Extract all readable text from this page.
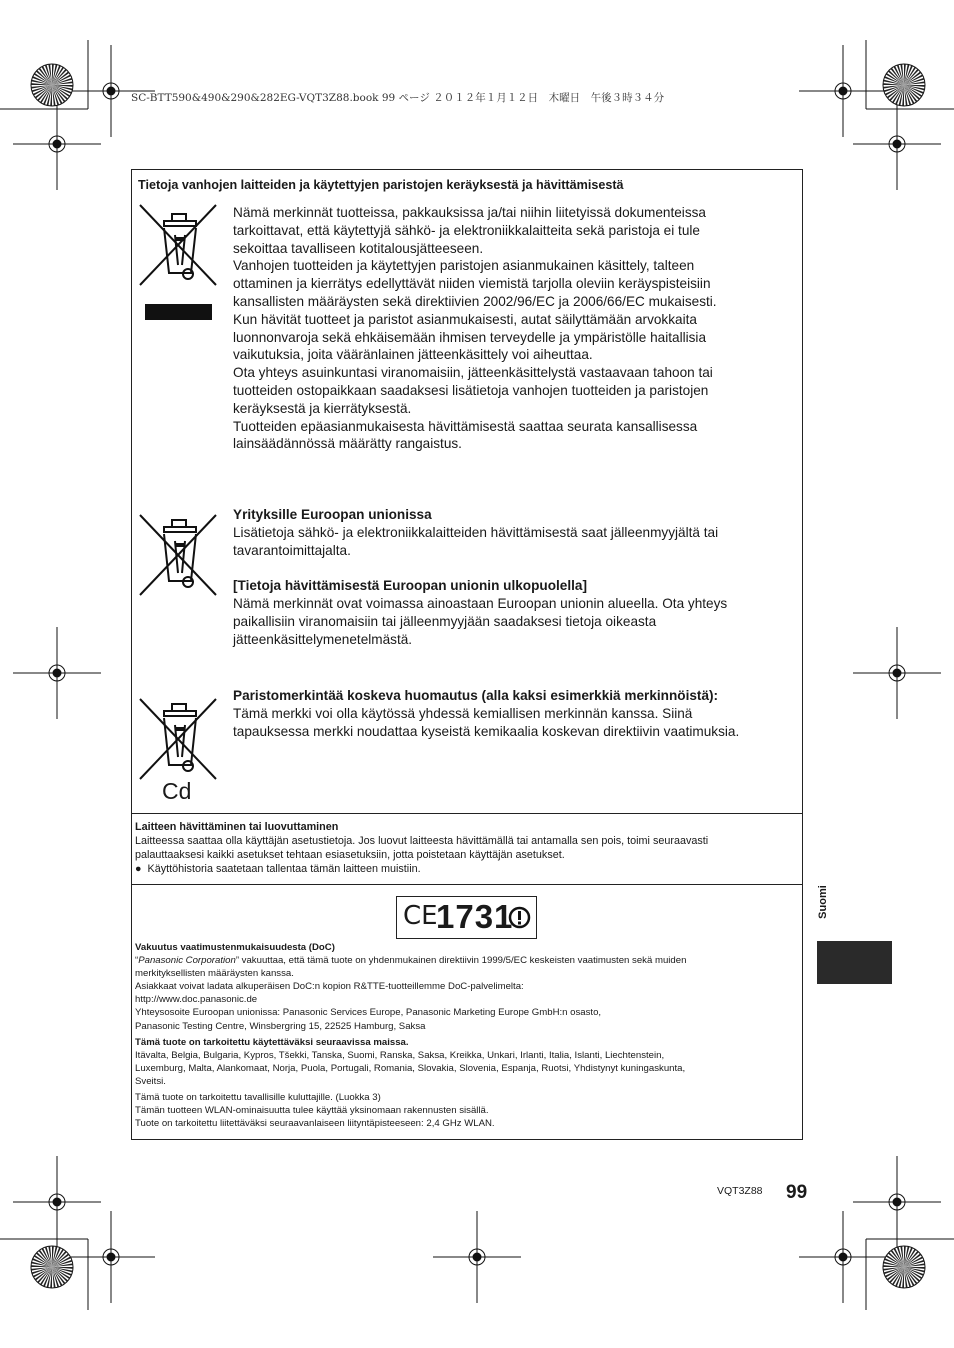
SC-BTT590&490&290&282EG-VQT3Z88.book 99 ページ ２０１２年１月１２日　木曜日　午後３時３４分
Tietoja vanhojen laitteiden ja käytettyjen paristojen keräyksestä ja hävittämisestä
Nämä merkinnät tuotteissa, pakkauksissa ja/tai niihin liitetyissä dokumenteissa
tarkoittavat, että käytettyjä sähkö- ja elektroniikkalaitteita sekä paristoja ei tule
sekoittaa tavalliseen kotitalousjätteeseen.
Vanhojen tuotteiden ja käytettyjen paristojen asianmukainen käsittely, talteen
ottaminen ja kierrätys edellyttävät niiden viemistä tarjolla oleviin keräyspisteisiin
kansallisten määräysten sekä direktiivien 2002/96/EC ja 2006/66/EC mukaisesti.
Kun hävität tuotteet ja paristot asianmukaisesti, autat säilyttämään arvokkaita
luonnonvaroja sekä ehkäisemään ihmisen terveydelle ja ympäristölle haitallisia
vaikutuksia, joita vääränlainen jätteenkäsittely voi aiheuttaa.
Ota yhteys asuinkuntasi viranomaisiin, jätteenkäsittelystä vastaavaan tahoon tai
tuotteiden ostopaikkaan saadaksesi lisätietoja vanhojen tuotteiden ja paristojen
keräyksestä ja kierrätyksestä.
Tuotteiden epäasianmukaisesta hävittämisestä saattaa seurata kansallisessa
lainsäädännössä määrätty rangaistus.
Yrityksille Euroopan unionissa
Lisätietoja sähkö- ja elektroniikkalaitteiden hävittämisestä saat jälleenmyyjältä tai
tavarantoimittajalta.

[Tietoja hävittämisestä Euroopan unionin ulkopuolella]
Nämä merkinnät ovat voimassa ainoastaan Euroopan unionin alueella. Ota yhteys
paikallisiin viranomaisiin tai jälleenmyyjään saadaksesi tietoja oikeasta
jätteenkäsittelymenetelmästä.
Cd
Paristomerkintää koskeva huomautus (alla kaksi esimerkkiä merkinnöistä):
Tämä merkki voi olla käytössä yhdessä kemiallisen merkinnän kanssa. Siinä
tapauksessa merkki noudattaa kyseistä kemikaalia koskevan direktiivin vaatimuksia.
Laitteen hävittäminen tai luovuttaminen
Laitteessa saattaa olla käyttäjän asetustietoja. Jos luovut laitteesta hävittämällä tai antamalla sen pois, toimi seuraavasti
palauttaaksesi kaikki asetukset tehtaan esiasetuksiin, jotta poistetaan käyttäjän asetukset.
●  Käyttöhistoria saatetaan tallentaa tämän laitteen muistiin.
CE
1731
Vakuutus vaatimustenmukaisuudesta (DoC)
“Panasonic Corporation” vakuuttaa, että tämä tuote on yhdenmukainen direktiivin 1999/5/EC keskeisten vaatimusten sekä muiden
merkityksellisten määräysten kanssa.
Asiakkaat voivat ladata alkuperäisen DoC:n kopion R&TTE-tuotteillemme DoC-palvelimelta:
http://www.doc.panasonic.de
Yhteysosoite Euroopan unionissa: Panasonic Services Europe, Panasonic Marketing Europe GmbH:n osasto,
Panasonic Testing Centre, Winsbergring 15, 22525 Hamburg, Saksa
Tämä tuote on tarkoitettu käytettäväksi seuraavissa maissa.
Itävalta, Belgia, Bulgaria, Kypros, Tšekki, Tanska, Suomi, Ranska, Saksa, Kreikka, Unkari, Irlanti, Italia, Islanti, Liechtenstein,
Luxemburg, Malta, Alankomaat, Norja, Puola, Portugali, Romania, Slovakia, Slovenia, Espanja, Ruotsi, Yhdistynyt kuningaskunta,
Sveitsi.
Tämä tuote on tarkoitettu tavallisille kuluttajille. (Luokka 3)
Tämän tuotteen WLAN-ominaisuutta tulee käyttää yksinomaan rakennusten sisällä.
Tuote on tarkoitettu liitettäväksi seuraavanlaiseen liityntäpisteeseen: 2,4 GHz WLAN.
Suomi
VQT3Z88 99
